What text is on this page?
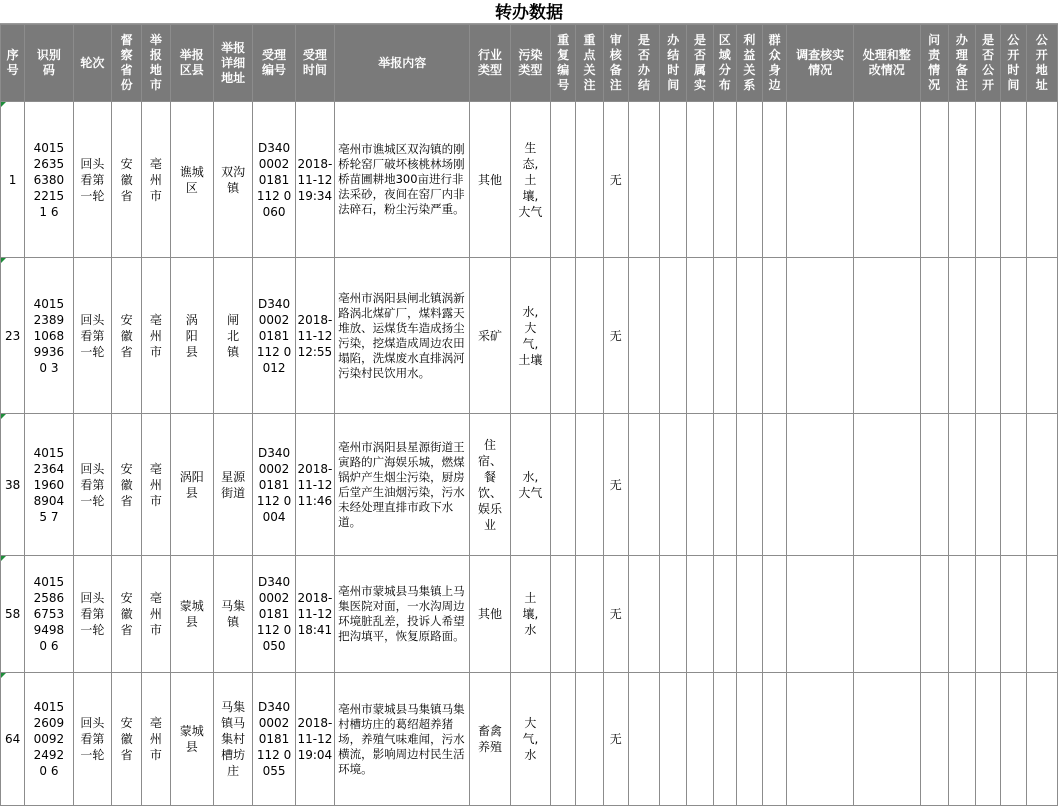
转办数据
序号	识别码	轮次	督察省份	举报地市	举报区县	举报详细地址	受理编号	受理时间	举报内容	行业类型	污染类型	重复编号	重点关注	审核备注	是否办结	办结时间	是否属实	区域分布	利益关系	群众身边	调查核实情况	处理和整改情况	问责情况	办理备注	是否公开	公开时间	公开地址
1	40152635638022151 6	回头看第一轮	安徽省	亳州市	谯城区	双沟镇	D34000020181112 0060	2018-11-12 19:34	亳州市谯城区双沟镇的刚桥轮窑厂破坏核桃林场刚桥苗圃耕地300亩进行非法采砂，夜间在窑厂内非法碎石，粉尘污染严重。	其他	生态,土壤,大气			无													
23	40152389106899360 3	回头看第一轮	安徽省	亳州市	涡阳县	闸北镇	D34000020181112 0012	2018-11-12 12:55	亳州市涡阳县闸北镇涡新路涡北煤矿厂，煤料露天堆放、运煤货车造成扬尘污染，挖煤造成周边农田塌陷，洗煤废水直排涡河污染村民饮用水。	采矿	水,大气,土壤			无													
38	40152364196089045 7	回头看第一轮	安徽省	亳州市	涡阳县	星源街道	D34000020181112 0004	2018-11-12 11:46	亳州市涡阳县星源街道王寅路的广海娱乐城，燃煤锅炉产生烟尘污染，厨房后堂产生油烟污染，污水未经处理直排市政下水道。	住宿、餐饮、娱乐业	水,大气			无													
58	40152586675394980 6	回头看第一轮	安徽省	亳州市	蒙城县	马集镇	D34000020181112 0050	2018-11-12 18:41	亳州市蒙城县马集镇上马集医院对面，一水沟周边环境脏乱差，投诉人希望把沟填平，恢复原路面。	其他	土壤,水			无													
64	40152609009224920 6	回头看第一轮	安徽省	亳州市	蒙城县	马集镇马集村槽坊庄	D34000020181112 0055	2018-11-12 19:04	亳州市蒙城县马集镇马集村槽坊庄的葛绍超养猪场，养殖气味难闻，污水横流，影响周边村民生活环境。	畜禽养殖	大气,水			无													
